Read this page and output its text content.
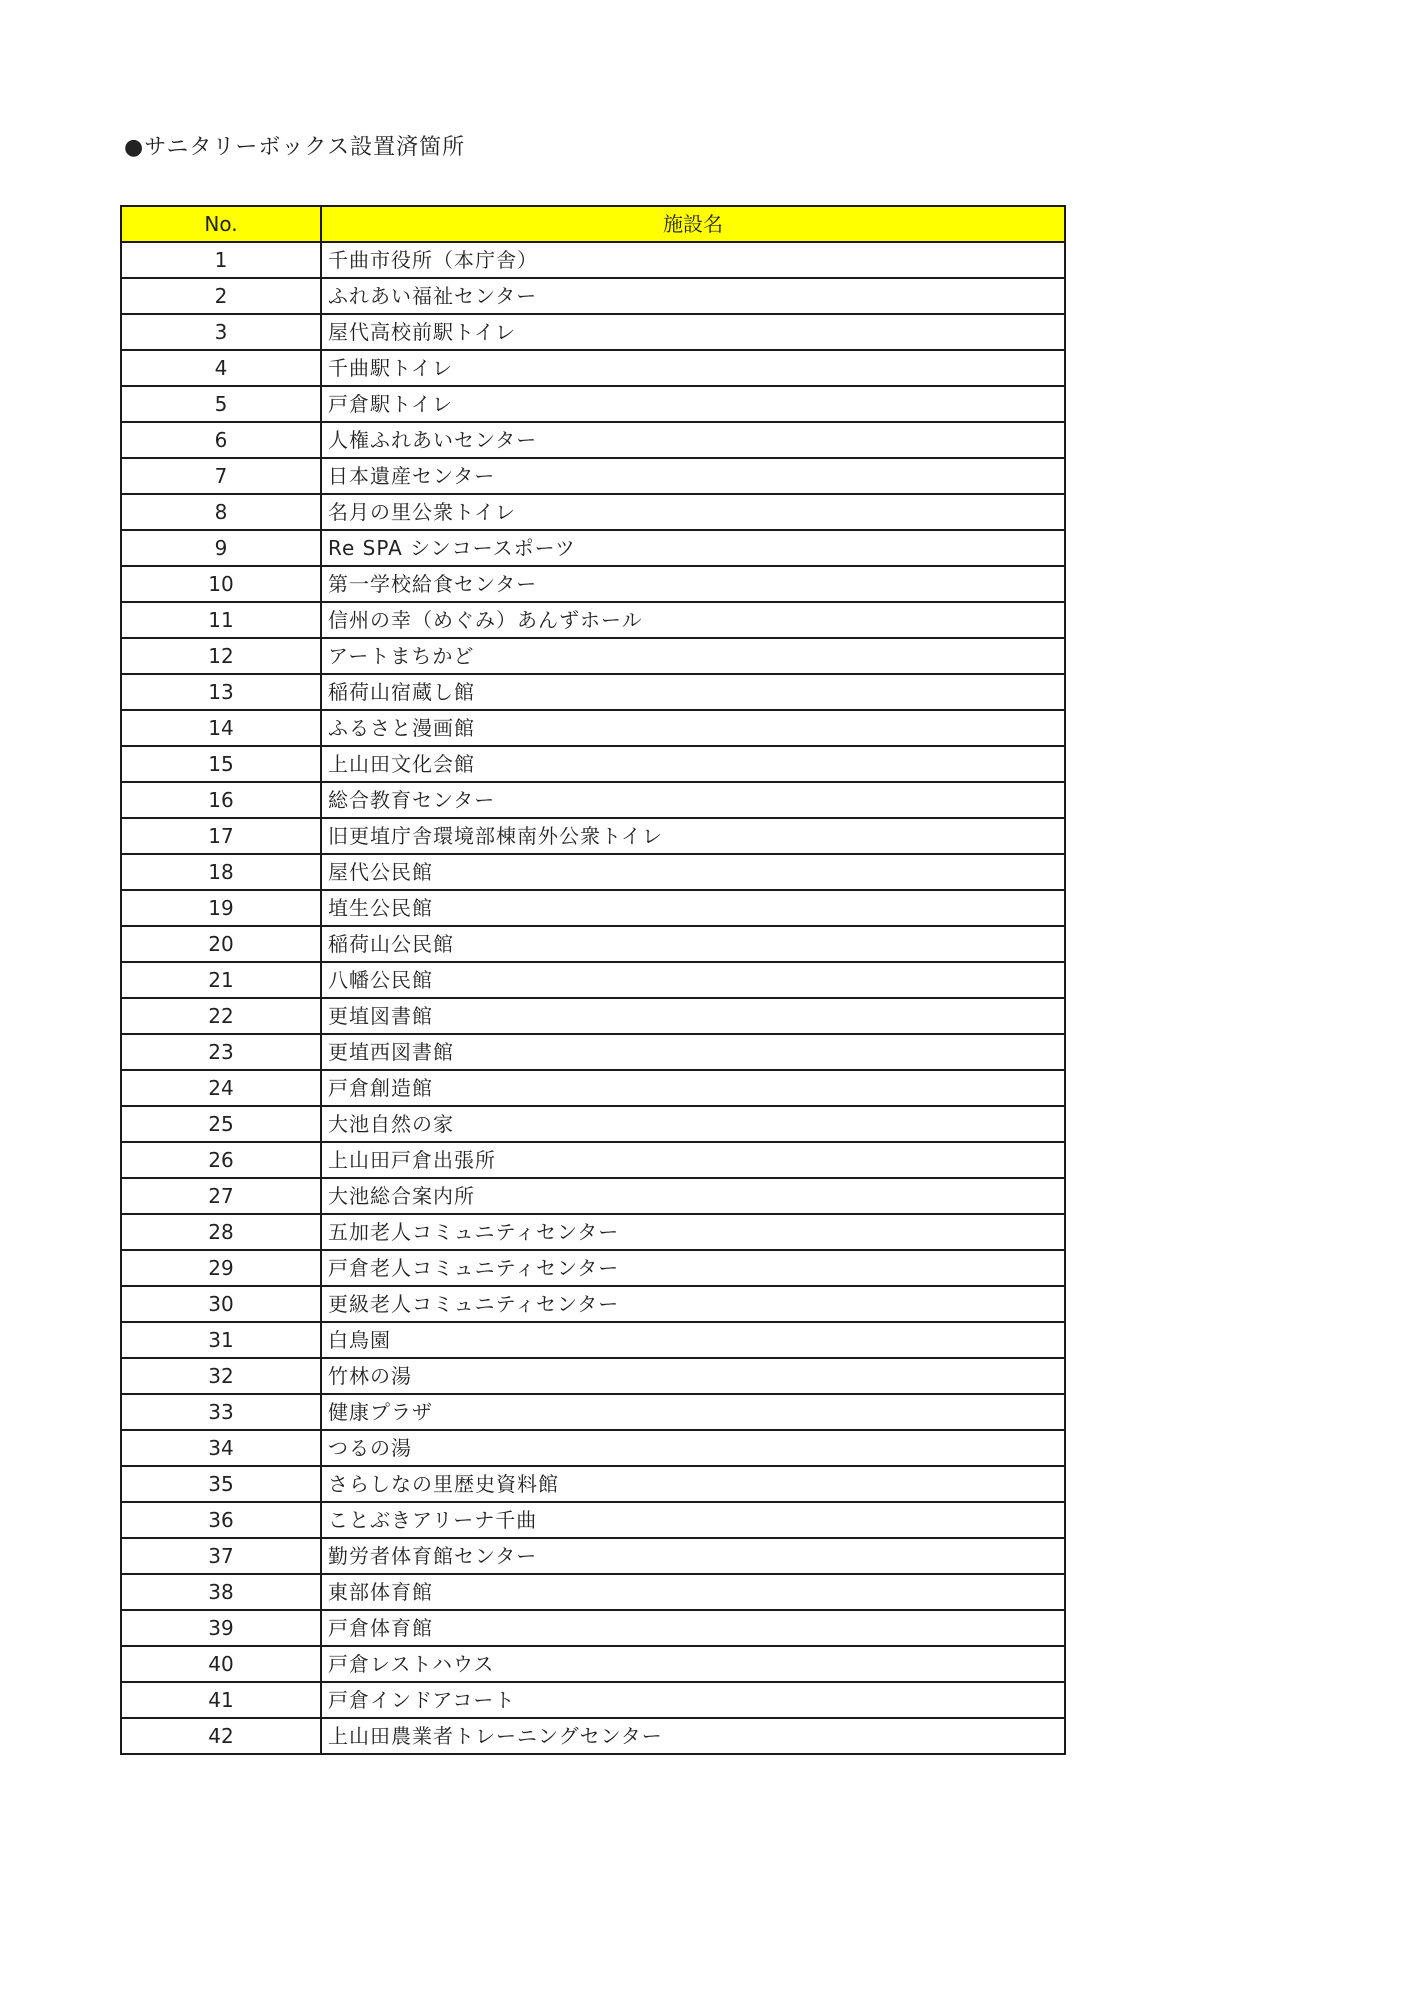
●サニタリーボックス設置済箇所
No.	施設名
1	千曲市役所（本庁舎）
2	ふれあい福祉センター
3	屋代高校前駅トイレ
4	千曲駅トイレ
5	戸倉駅トイレ
6	人権ふれあいセンター
7	日本遺産センター
8	名月の里公衆トイレ
9	Re SPA シンコースポーツ
10	第一学校給食センター
11	信州の幸（めぐみ）あんずホール
12	アートまちかど
13	稲荷山宿蔵し館
14	ふるさと漫画館
15	上山田文化会館
16	総合教育センター
17	旧更埴庁舎環境部棟南外公衆トイレ
18	屋代公民館
19	埴生公民館
20	稲荷山公民館
21	八幡公民館
22	更埴図書館
23	更埴西図書館
24	戸倉創造館
25	大池自然の家
26	上山田戸倉出張所
27	大池総合案内所
28	五加老人コミュニティセンター
29	戸倉老人コミュニティセンター
30	更級老人コミュニティセンター
31	白鳥園
32	竹林の湯
33	健康プラザ
34	つるの湯
35	さらしなの里歴史資料館
36	ことぶきアリーナ千曲
37	勤労者体育館センター
38	東部体育館
39	戸倉体育館
40	戸倉レストハウス
41	戸倉インドアコート
42	上山田農業者トレーニングセンター
